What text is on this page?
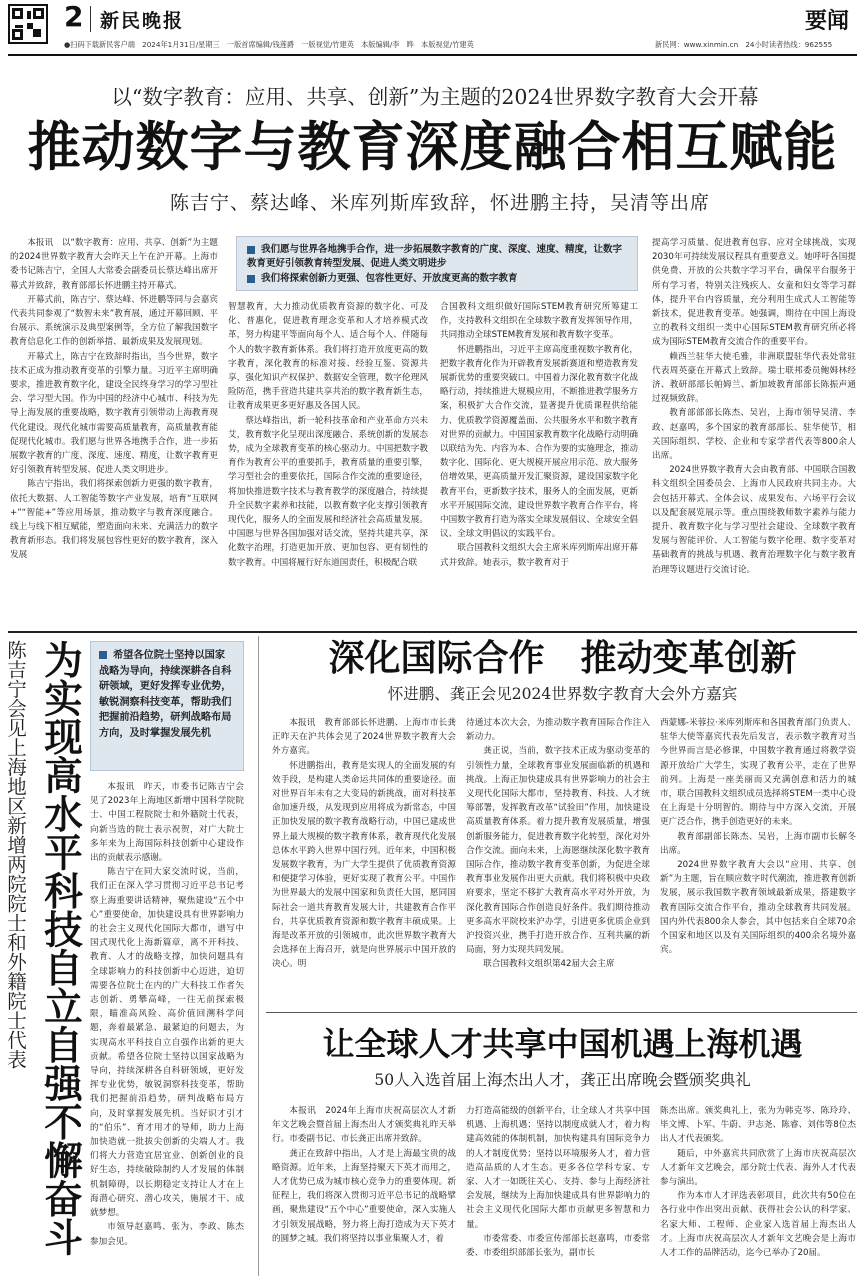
2 新民晚报	要闻
●扫码下载新民客户端　2024年1月31日/星期三　一版首席编辑/钱莲爵　一版视觉/竹建英　本版编辑/李　晔　本版视觉/竹建英	新民网：www.xinmin.cn　24小时读者热线：962555
以“数字教育：应用、共享、创新”为主题的2024世界数字教育大会开幕
推动数字与教育深度融合相互赋能
陈吉宁、蔡达峰、米库列斯库致辞，怀进鹏主持，吴清等出席
我们愿与世界各地携手合作，进一步拓展数字教育的广度、深度、速度、精度，让数字教育更好引领教育转型发展、促进人类文明进步
我们将探索创新力更强、包容性更好、开放度更高的数字教育

本报讯　以“数字教育：应用、共享、创新”为主题的2024世界数字教育大会昨天上午在沪开幕。上海市委书记陈吉宁，全国人大常委会副委员长蔡达峰出席开幕式并致辞，教育部部长怀进鹏主持开幕式。

开幕式前，陈吉宁、蔡达峰、怀进鹏等同与会嘉宾代表共同参观了“数智未来”教育展，通过开幕回顾、平台展示、系统演示及典型案例等，全方位了解我国数字教育信息化工作的创新举措、最新成果及发展现划。

开幕式上，陈吉宁在致辞时指出，当今世界，数字技术正成为推动教育变革的引擎力量。习近平主席明确要求，推进教育数字化，建设全民终身学习的学习型社会、学习型大国。作为中国的经济中心城市、科技为先导上海发展的重要战略，数字教育引领带动上海教育现代化建设。现代化城市需要高质量教育，高质量教育能促现代化城市。我们愿与世界各地携手合作，进一步拓展数字教育的广度、深度、速度、精度，让数字教育更好引领教育转型发展、促进人类文明进步。

陈吉宁指出，我们将探索创新力更强的数字教育，依托大数据、人工智能等数字产业发展，培育“互联网+”“智能+”等应用场景，推动数字与教育深度融合。线上与线下相互赋能，塑造面向未来、充满活力的数字教育新形态。我们将发展包容性更好的数字教育，深入发展

智慧教育，大力推动优质教育资源的数字化、可及化、普惠化，促进教育理念变革和人才培养模式改革，努力构建平等面向每个人、适合每个人、伴随每个人的数字教育新体系。我们将打造开放度更高的数字教育，深化教育的标准对接、经验互鉴、资源共享，强化知识产权保护、数据安全管理，数字伦理风险防范，携手营造共建共享共治的数字教育新生态，让教育成果更多更好惠及各国人民。

蔡达峰指出，新一轮科技革命和产业革命方兴未艾，教育数字化呈现出深度融合、系统创新的发展态势，成为全球教育变革的核心驱动力。中国把数字教育作为教育公平的重要抓手，教育质量的重要引擎，学习型社会的重要依托，国际合作交流的重要途径，将加快推进数字技术与教育教学的深度融合，持续提升全民数字素养和技能，以教育数字化支撑引领教育现代化，服务人的全面发展和经济社会高质量发展。中国愿与世界各国加强对话交流，坚持共建共享，深化数字治理，打造更加开放、更加包容、更有韧性的数字教育。中国将履行好东道国责任，积极配合联

合国教科文组织做好国际STEM教育研究所筹建工作，支持教科文组织在全球数字教育发挥领导作用，共同推动全球STEM教育发展和教育数字变革。

怀进鹏指出，习近平主席高度重视数字教育化，把数字教育化作为开辟教育发展新赛道和塑造教育发展新优势的重要突破口。中国着力深化教育数字化战略行动，持续推进大规模应用，不断推进教学服务方案，积极扩大合作交流，显著提升优质课程供给能力、优质教学资源覆盖面、公共服务水平和数字教育对世界的贡献力。中国国家教育数字化战略行动明确以联结为先、内容为本、合作为要的实施理念，推动数字化、国际化、更大规模开展应用示范、放大服务倍增效果，更高质量开发汇聚资源，建设国家数字化教育平台，更新数字技术，服务人的全面发展，更新水平开展国际交流，建设世界数字教育合作平台，将中国数字教育打造为落实全球发展倡议、全球安全倡议、全球文明倡议的实践平台。

联合国教科文组织大会主席米库列斯库出席开幕式并致辞。她表示，数字教育对于

提高学习质量、促进教育包容、应对全球挑战，实现2030年可持续发展议程具有重要意义。她呼吁各国提供免费、开放的公共数字学习平台，确保平台服务于所有学习者，特别关注残疾人、女童和妇女等学习群体，提升平台内容质量，充分利用生成式人工智能等新技术，促进教育变革。她强调，期待在中国上海设立的教科文组织一类中心国际STEM教育研究所必将成为国际STEM教育交流合作的重要平台。

赖西兰驻华大使毛雅，非洲联盟驻华代表处常驻代表周英豪在开幕式上致辞。瑞士联邦委员鲍姆林经济、教研部部长帕姆兰、新加坡教育部部长陈振声通过视频致辞。

教育部部部长陈杰、吴岩，上海市领导吴清、李政、赵嘉鸣，多个国家的教育部部长、驻华使节，相关国际组织、学校、企业和专家学者代表等800余人出席。

2024世界数字教育大会由教育部、中国联合国教科文组织全国委员会、上海市人民政府共同主办。大会包括开幕式、全体会议、成果发布、六场平行会议以及配套展览展示等。重点围绕教师数字素养与能力提升、教育数字化与学习型社会建设、全球数字教育发展与智能评价、人工智能与数字伦理、数字变革对基础教育的挑战与机遇、教育治理数字化与数字教育治理等议题进行交流讨论。

陈吉宁会见上海地区新增两院院士和外籍院士代表 为实现高水平科技自立自强不懈奋斗	希望各位院士坚持以国家战略为导向，持续深耕各自科研领域，更好发挥专业优势，敏锐洞察科技变革，帮助我们把握前沿趋势，研判战略布局方向，及时掌握发展先机

本报讯　昨天，市委书记陈吉宁会见了2023年上海地区新增中国科学院院士、中国工程院院士和外籍院士代表，向新当选的院士表示祝贺，对广大院士多年来为上海国际科技创新中心建设作出的贡献表示感谢。

陈吉宁在同大家交流时说，当前，我们正在深入学习贯彻习近平总书记考察上海重要讲话精神，聚焦建设“五个中心”重要使命，加快建设具有世界影响力的社会主义现代化国际大都市，谱写中国式现代化上海新篇章，离不开科技、教育、人才的战略支撑，加快问题具有全球影响力的科技创新中心迈进，迫切需要各位院士在内的广大科技工作者矢志创新、勇攀高峰，一往无前探索极限，瞄准高风险、高价值回溯科学问题，奔着最紧急、最紧迫的问题去，为实现高水平科技自立自强作出新的更大贡献。希望各位院士坚持以国家战略为导向，持续深耕各自科研领域，更好发挥专业优势，敏锐洞察科技变革，帮助我们把握前沿趋势，研判战略布局方向，及时掌握发展先机。当好识才引才的“伯乐”、育才用才的导师，助力上海加快造就一批拔尖创新的尖端人才。我们将大力营造宜居宜业、创新创业的良好生态，持续破除制约人才发展的体制机制障碍，以长期稳定支持让人才在上海潜心研究、潜心攻关，施展才干、成就梦想。

市领导赵嘉鸣、张为、李政、陈杰参加会见。

深化国际合作　推动变革创新
怀进鹏、龚正会见2024世界数字教育大会外方嘉宾

本报讯　教育部部长怀进鹏、上海市市长龚正昨天在沪共体会见了2024世界数字教育大会外方嘉宾。

怀进鹏指出，教育是实现人的全面发展的有效手段，是构建人类命运共同体的重要途径。面对世界百年未有之大变局的新挑战，面对科技革命加速升级，从发现到应用将成为新常态，中国正加快发展的数字教育战略行动，中国已建成世界上最大规模的数字教育体系，教育现代化发展总体水平跨入世界中国行列。近年来，中国积极发展数字教育，为广大学生提供了优质教育资源和便捷学习体验，更好实现了教育公平。中国作为世界最大的发展中国家和负责任大国，愿同国际社会一道共育教育发展大计，共建教育合作平台，共享优质教育资源和数字教育丰硕成果。上海是改革开放的引领城市，此次世界数字教育大会选择在上海召开，就是向世界展示中国开放的决心。明

待通过本次大会，为推动数字教育国际合作注入新动力。

龚正说，当前，数字技术正成为驱动变革的引领性力量，全球教育事业发展面临新的机遇和挑战。上海正加快建成具有世界影响力的社会主义现代化国际大都市，坚持教育、科技、人才统筹部署，发挥教育改革“试验田”作用，加快建设高质量教育体系。着力提升教育发展质量，增强创新服务能力，促进教育数字化转型，深化对外合作交流。面向未来，上海愿继续深化数字教育国际合作，推动数字教育变革创新，为促进全球教育事业发展作出更大贡献。我们将积极中央政府要求，坚定不移扩大教育高水平对外开放，为深化教育国际合作创造良好条件。我们期待推动更多高水平院校来沪办学，引进更多优质企业到沪投资兴业，携手打造开放合作、互利共赢的新局面，努力实现共同发展。

联合国教科文组织第42届大会主席

西蒙娜-米蓉拉·米库列斯库和各国教育部门负责人、驻华大使等嘉宾代表先后发言，表示数字教育对当今世界而言是必修课，中国数字教育通过将教学资源开放给广大学生，实现了教育公平，走在了世界前列。上海是一座美丽而又充满创意和活力的城市，联合国教科文组织成员选择将STEM一类中心设在上海是十分明智的。期待与中方深入交流，开展更广泛合作，携手创造更好的未来。

教育部副部长陈杰、吴岩，上海市副市长解冬出席。

2024世界数字教育大会以“应用、共享、创新”为主题，旨在顺应数字时代潮流，推进教育创新发展，展示我国数字教育领域最新成果，搭建数字教育国际交流合作平台，推动全球教育共同发展。国内外代表800余人参会，其中包括来自全球70余个国家和地区以及有关国际组织的400余名境外嘉宾。

让全球人才共享中国机遇上海机遇
50人入选首届上海杰出人才，龚正出席晚会暨颁奖典礼

本报讯　2024年上海市庆祝高层次人才新年文艺晚会暨首届上海杰出人才颁奖典礼昨天举行。市委副书记、市长龚正出席并致辞。

龚正在致辞中指出，人才是上海最宝贵的战略资源。近年来，上海坚持聚天下英才而用之，人才优势已成为城市核心竞争力的重要体现。新征程上，我们将深入贯彻习近平总书记的战略擘画，聚焦建设“五个中心”重要使命，深入实施人才引领发展战略，努力将上海打造成为天下英才的圆梦之城。我们将坚持以事业集聚人才，着

力打造高能级的创新平台，让全球人才共享中国机遇、上海机遇；坚持以制度成就人才，着力构建高效能的体制机制，加快构建具有国际竞争力的人才制度优势；坚持以环境服务人才，着力营造高品质的人才生态。更多各位学科专家、专家、人才一如既往关心、支持、参与上海经济社会发展，继续为上海加快建成具有世界影响力的社会主义现代化国际大都市贡献更多智慧和力量。

市委常委、市委宣传部部长赵嘉鸣，市委常委、市委组织部部长张为，副市长

陈杰出席。颁奖典礼上，张为为韩克岑、陈玲玲、毕文博、卜军、牛蔚、尹志尧、陈睿、刘伟等8位杰出人才代表颁奖。

随后，中外嘉宾共同欣赏了上海市庆祝高层次人才新年文艺晚会，部分院士代表、海外人才代表参与演出。

作为本市人才评选表彰项目，此次共有50位在各行业中作出突出贡献、获得社会公认的科学家、名家大师、工程师、企业家入选首届上海杰出人才。上海市庆祝高层次人才新年文艺晚会是上海市人才工作的品牌活动，迄今已举办了20届。
